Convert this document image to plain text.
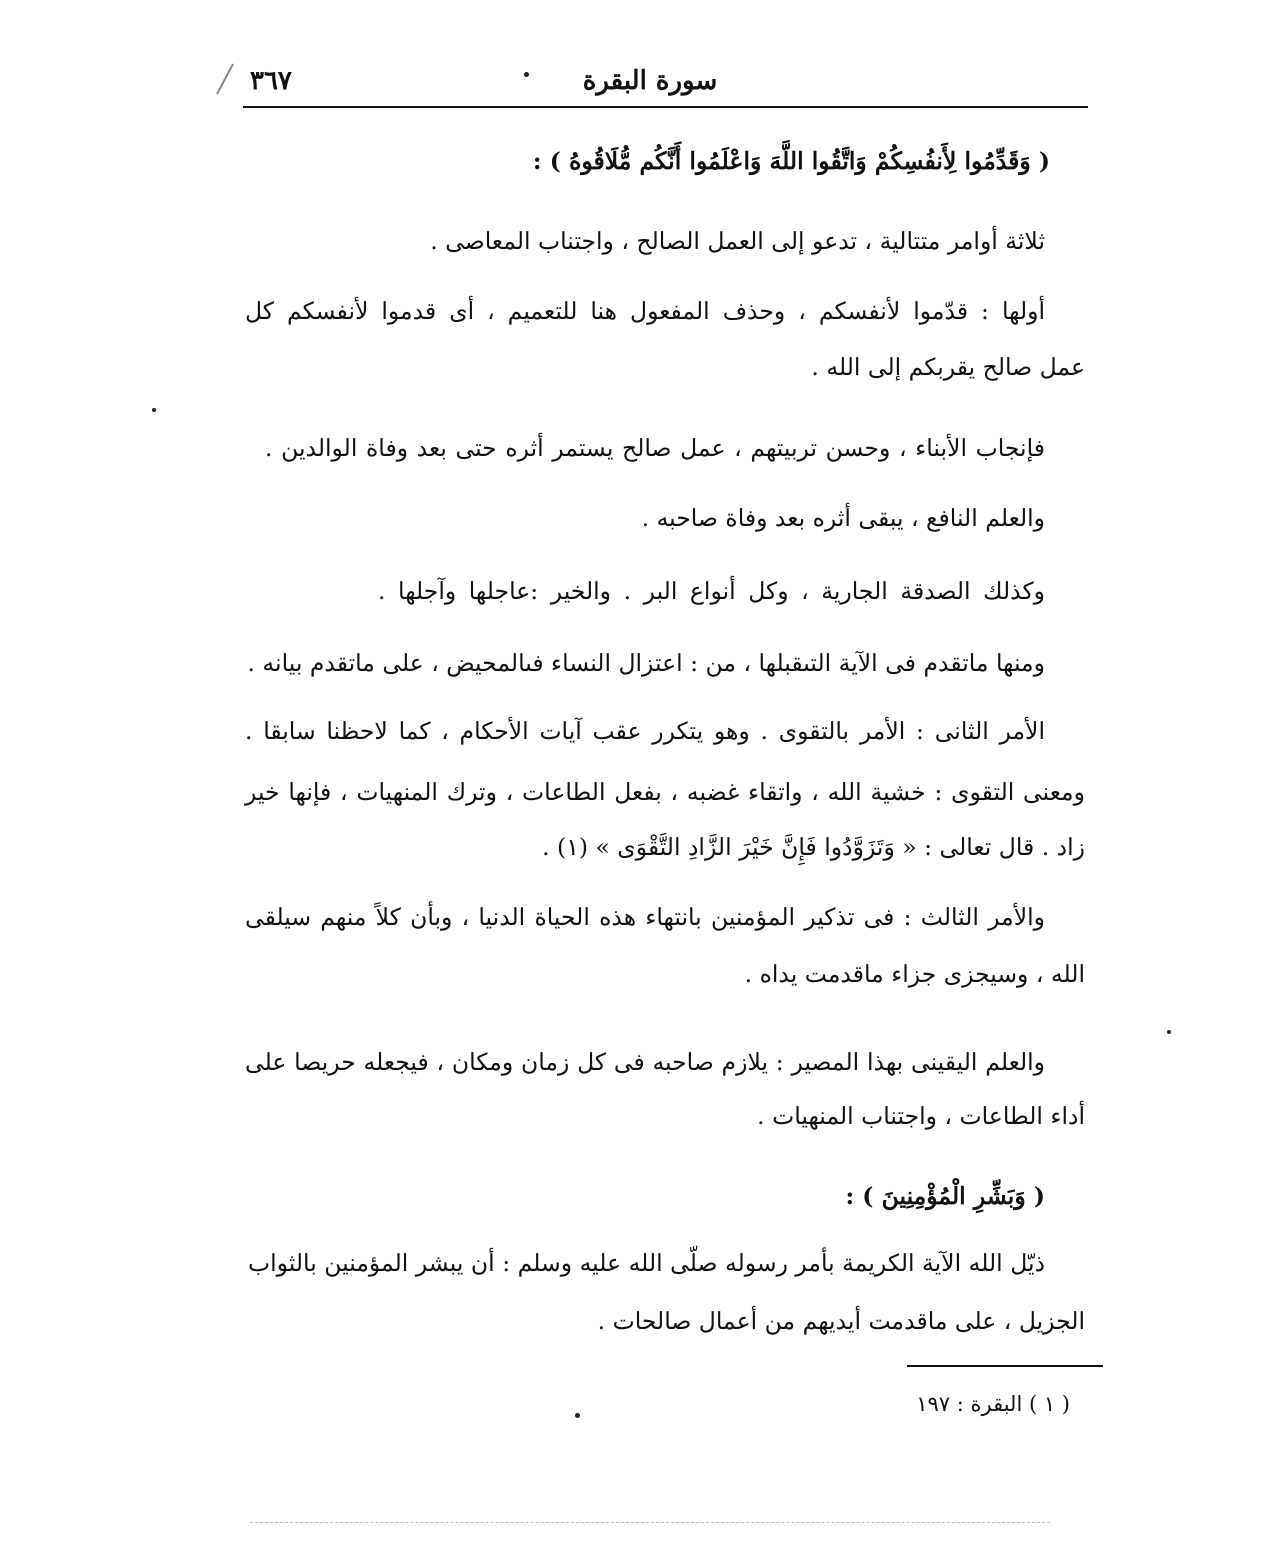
سورة البقرة
٣٦٧
( وَقَدِّمُوا لِأَنفُسِكُمْ وَاتَّقُوا اللَّهَ وَاعْلَمُوا أَنَّكُم مُّلَاقُوهُ ) :
ثلاثة أوامر متتالية ، تدعو إلى العمل الصالح ، واجتناب المعاصى .
أولها : قدّموا لأنفسكم ، وحذف المفعول هنا للتعميم ، أى قدموا لأنفسكم كل
عمل صالح يقربكم إلى الله .
فإنجاب الأبناء ، وحسن تربيتهم ، عمل صالح يستمر أثره حتى بعد وفاة الوالدين .
والعلم النافع ، يبقى أثره بعد وفاة صاحبه .
وكذلك الصدقة الجارية ، وكل أنواع البر . والخير :عاجلها وآجلها .
ومنها ماتقدم فى الآية التىقبلها ، من : اعتزال النساء فىالمحيض ، على ماتقدم بيانه .
الأمر الثانى : الأمر بالتقوى . وهو يتكرر عقب آيات الأحكام ، كما لاحظنا سابقا .
ومعنى التقوى : خشية الله ، واتقاء غضبه ، بفعل الطاعات ، وترك المنهيات ، فإنها خير
زاد . قال تعالى : « وَتَزَوَّدُوا فَإِنَّ خَيْرَ الزَّادِ التَّقْوَى » (١) .
والأمر الثالث : فى تذكير المؤمنين بانتهاء هذه الحياة الدنيا ، وبأن كلاً منهم سيلقى
الله ، وسيجزى جزاء ماقدمت يداه .
والعلم اليقينى بهذا المصير : يلازم صاحبه فى كل زمان ومكان ، فيجعله حريصا على
أداء الطاعات ، واجتناب المنهيات .
( وَبَشِّرِ الْمُؤْمِنِينَ ) :
ذيّل الله الآية الكريمة بأمر رسوله صلّى الله عليه وسلم : أن يبشر المؤمنين بالثواب
الجزيل ، على ماقدمت أيديهم من أعمال صالحات .
( ١ ) البقرة : ١٩٧
